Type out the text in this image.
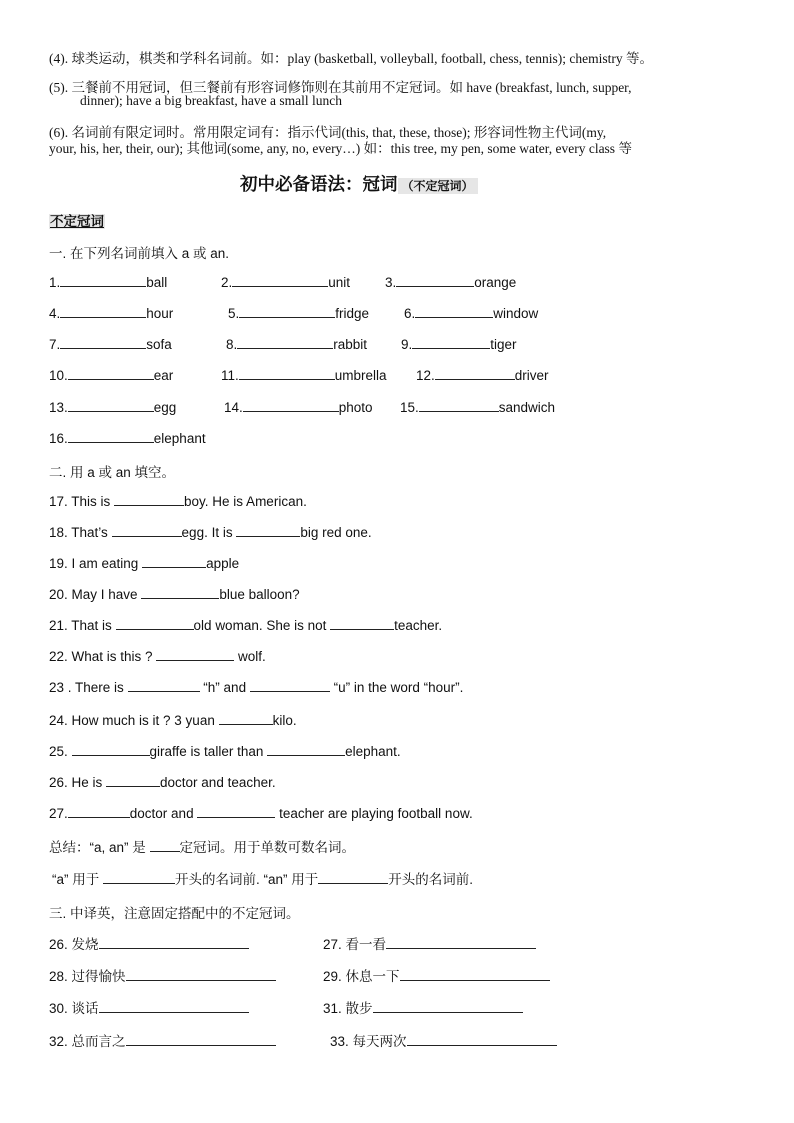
(4). 球类运动，棋类和学科名词前。如：play (basketball, volleyball, football, chess, tennis); chemistry 等。
(5). 三餐前不用冠词，但三餐前有形容词修饰则在其前用不定冠词。如 have (breakfast, lunch, supper,
dinner); have a big breakfast, have a small lunch
(6). 名词前有限定词时。常用限定词有：指示代词(this, that, these, those); 形容词性物主代词(my,
your, his, her, their, our); 其他词(some, any, no, every…) 如：this tree, my pen, some water, every class 等
初中必备语法：冠词 （不定冠词）
不定冠词
一. 在下列名词前填入 a 或 an.
1.	ball	2.	unit	3.	orange
4.	hour	5.	fridge	6.	window
7.	sofa	8.	rabbit	9.	tiger
10.	ear	11.	umbrella 12.	driver
13.	egg	14.	photo 15.	sandwich
16.	elephant
二. 用 a 或 an 填空。
17. This is	boy. He is American.
18. That’s	egg. It is	big red one.
19. I am eating	apple
20. May I have	blue balloon?
21. That is	old woman. She is not	teacher.
22. What is this ?	wolf.
23 . There is	“h” and	“u” in the word “hour”.
24. How much is it ? 3 yuan	kilo.
25.	giraffe is taller than	elephant.
26. He is	doctor and teacher.
27.	doctor and	teacher are playing football now.
总结：“a, an” 是 定冠词。用于单数可数名词。
“a” 用于	开头的名词前. “an” 用于	开头的名词前.
三. 中译英，注意固定搭配中的不定冠词。
26. 发烧	27. 看一看
28. 过得愉快	29. 休息一下
30. 谈话	31. 散步
32. 总而言之	33. 每天两次
